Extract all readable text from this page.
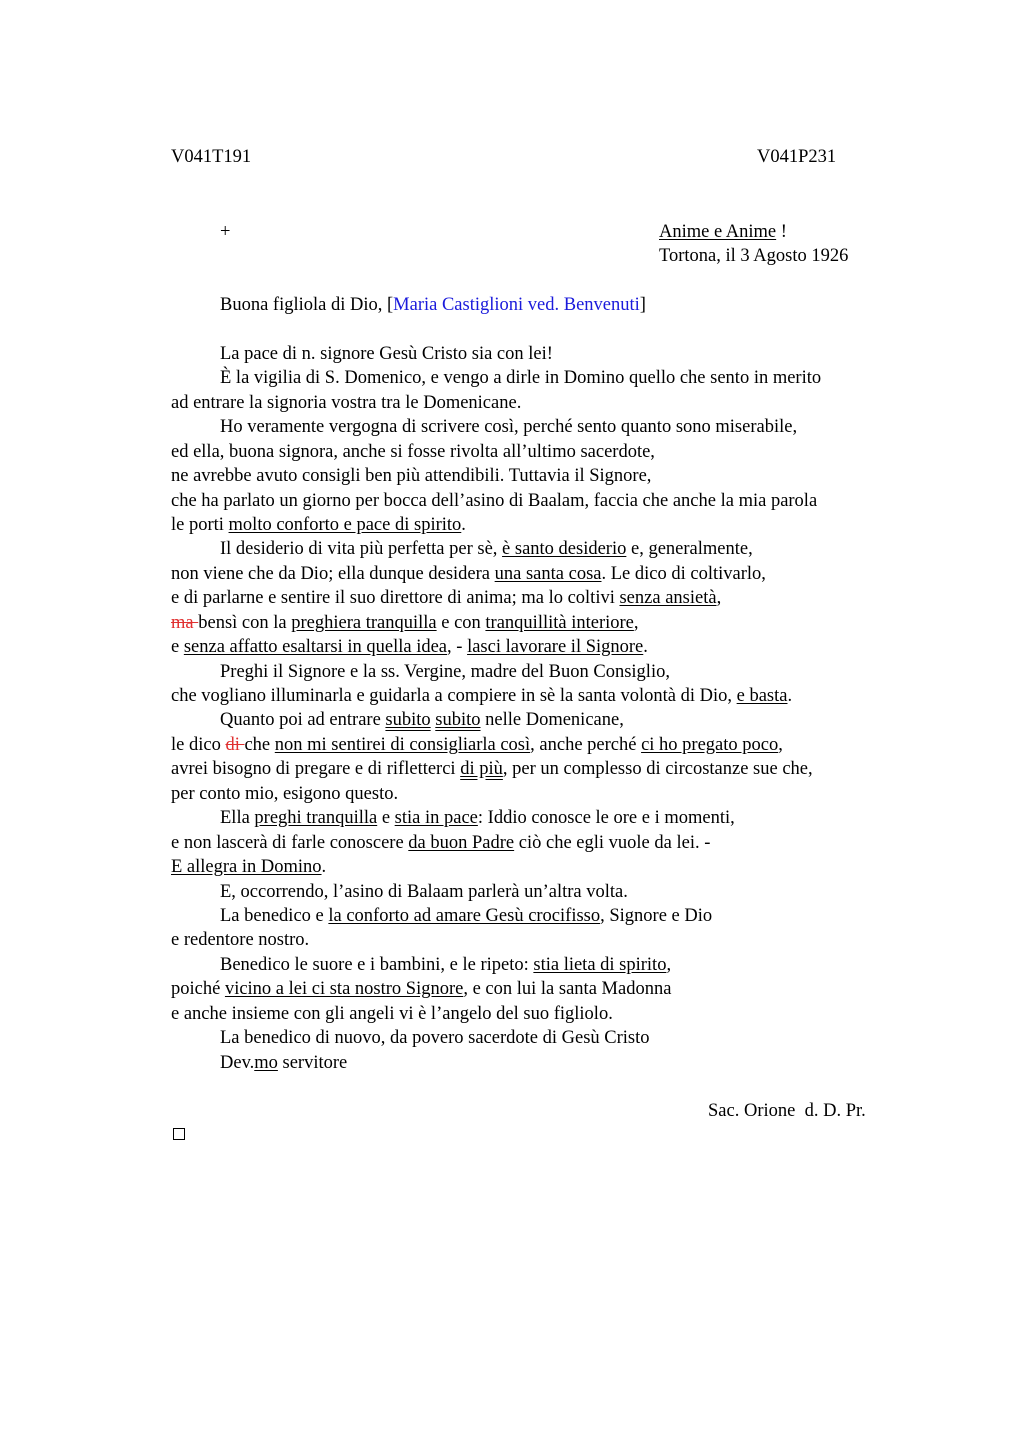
V041T191	V041P231
+	Anime e Anime !
Tortona, il 3 Agosto 1926
Buona figliola di Dio, [Maria Castiglioni ved. Benvenuti]
La pace di n. signore Gesù Cristo sia con lei!
È la vigilia di S. Domenico, e vengo a dirle in Domino quello che sento in merito
ad entrare la signoria vostra tra le Domenicane.
Ho veramente vergogna di scrivere così, perché sento quanto sono miserabile,
ed ella, buona signora, anche si fosse rivolta all’ultimo sacerdote,
ne avrebbe avuto consigli ben più attendibili. Tuttavia il Signore,
che ha parlato un giorno per bocca dell’asino di Baalam, faccia che anche la mia parola
le porti molto conforto e pace di spirito.
Il desiderio di vita più perfetta per sè, è santo desiderio e, generalmente,
non viene che da Dio; ella dunque desidera una santa cosa. Le dico di coltivarlo,
e di parlarne e sentire il suo direttore di anima; ma lo coltivi senza ansietà,
ma bensì con la preghiera tranquilla e con tranquillità interiore,
e senza affatto esaltarsi in quella idea, - lasci lavorare il Signore.
Preghi il Signore e la ss. Vergine, madre del Buon Consiglio,
che vogliano illuminarla e guidarla a compiere in sè la santa volontà di Dio, e basta.
Quanto poi ad entrare subito subito nelle Domenicane,
le dico di che non mi sentirei di consigliarla così, anche perché ci ho pregato poco,
avrei bisogno di pregare e di rifletterci di più, per un complesso di circostanze sue che,
per conto mio, esigono questo.
Ella preghi tranquilla e stia in pace: Iddio conosce le ore e i momenti,
e non lascerà di farle conoscere da buon Padre ciò che egli vuole da lei. -
E allegra in Domino.
E, occorrendo, l’asino di Balaam parlerà un’altra volta.
La benedico e la conforto ad amare Gesù crocifisso, Signore e Dio
e redentore nostro.
Benedico le suore e i bambini, e le ripeto: stia lieta di spirito,
poiché vicino a lei ci sta nostro Signore, e con lui la santa Madonna
e anche insieme con gli angeli vi è l’angelo del suo figliolo.
La benedico di nuovo, da povero sacerdote di Gesù Cristo
Dev.mo servitore
Sac. Orione  d. D. Pr.
